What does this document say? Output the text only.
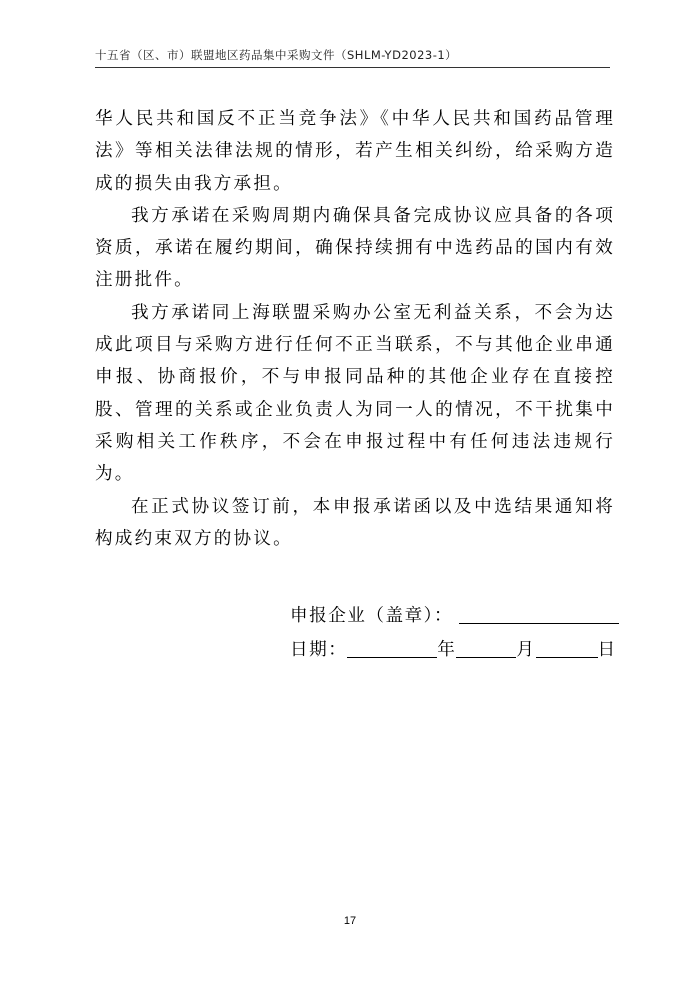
十五省（区、市）联盟地区药品集中采购文件（SHLM-YD2023-1）

华人民共和国反不正当竞争法》《中华人民共和国药品管理法》等相关法律法规的情形，若产生相关纠纷，给采购方造成的损失由我方承担。

我方承诺在采购周期内确保具备完成协议应具备的各项资质，承诺在履约期间，确保持续拥有中选药品的国内有效注册批件。

我方承诺同上海联盟采购办公室无利益关系，不会为达成此项目与采购方进行任何不正当联系，不与其他企业串通申报、协商报价，不与申报同品种的其他企业存在直接控股、管理的关系或企业负责人为同一人的情况，不干扰集中采购相关工作秩序，不会在申报过程中有任何违法违规行为。

在正式协议签订前，本申报承诺函以及中选结果通知将构成约束双方的协议。

申报企业（盖章）：
日期：	年	月	日
17
